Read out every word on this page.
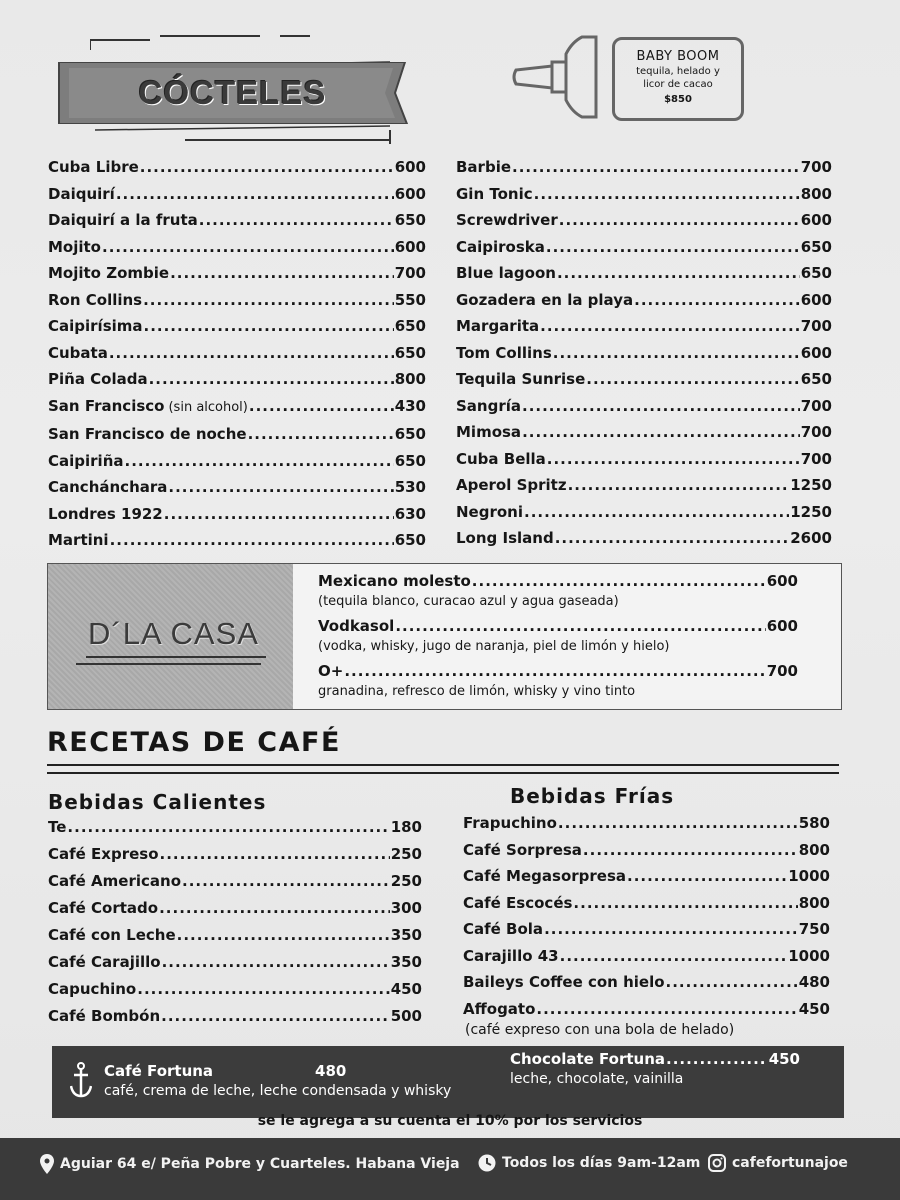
CÓCTELES
BABY BOOM
tequila, helado y
licor de cacao
$850
Cuba Libre .....	600
Daiquirí .....	600
Daiquirí a la fruta .....	650
Mojito .....	600
Mojito Zombie .....	700
Ron Collins .....	550
Caipirísima .....	650
Cubata .....	650
Piña Colada .....	800
San Francisco (sin alcohol) .....	430
San Francisco de noche .....	650
Caipiriña .....	650
Canchánchara .....	530
Londres 1922 .....	630
Martini .....	650
Barbie .....	700
Gin Tonic .....	800
Screwdriver .....	600
Caipiroska .....	650
Blue lagoon .....	650
Gozadera en la playa .....	600
Margarita .....	700
Tom Collins .....	600
Tequila Sunrise .....	650
Sangría .....	700
Mimosa .....	700
Cuba Bella .....	700
Aperol Spritz .....	1250
Negroni .....	1250
Long Island .....	2600
D´LA CASA
Mexicano molesto .....	600
(tequila blanco, curacao azul y agua gaseada)
Vodkasol .....	600
(vodka, whisky, jugo de naranja, piel de limón y hielo)
O+ .....	700
granadina, refresco de limón, whisky y vino tinto
RECETAS DE CAFÉ
Bebidas Calientes	Bebidas Frías
Te .....	180
Café Expreso .....	250
Café Americano .....	250
Café Cortado .....	300
Café con Leche .....	350
Café Carajillo .....	350
Capuchino .....	450
Café Bombón .....	500
Frapuchino .....	580
Café Sorpresa .....	800
Café Megasorpresa .....	1000
Café Escocés .....	800
Café Bola .....	750
Carajillo 43 .....	1000
Baileys Coffee con hielo .....	480
Affogato .....	450
(café expreso con una bola de helado)
Café Fortuna	480
café, crema de leche, leche condensada y whisky
Chocolate Fortuna .....	450
leche, chocolate, vainilla
se le agrega a su cuenta el 10% por los servicios
Aguiar 64 e/ Peña Pobre y Cuarteles. Habana Vieja	Todos los días 9am-12am cafefortunajoe
